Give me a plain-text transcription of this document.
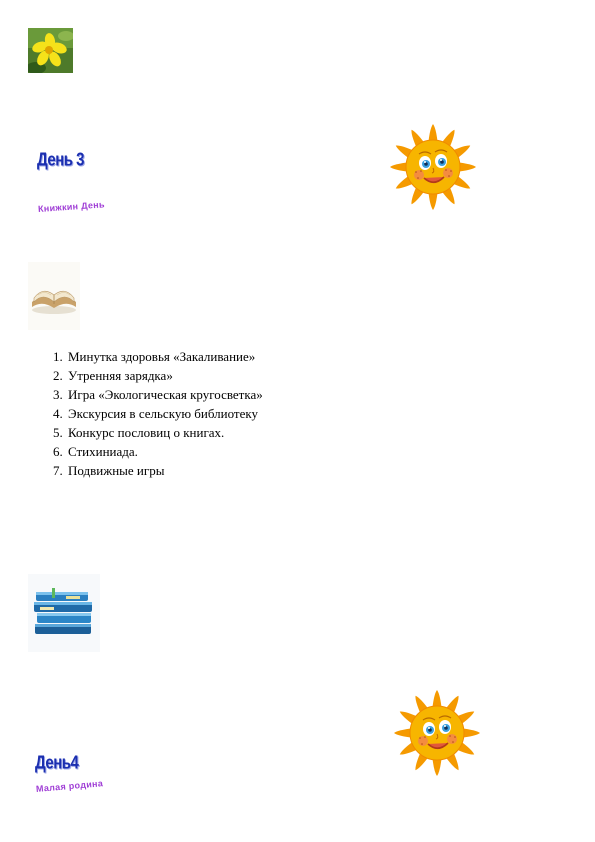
День 3
Книжкин День
1. Минутка здоровья «Закаливание»
2. Утренняя зарядка»
3. Игра «Экологическая кругосветка»
4. Экскурсия в сельскую библиотеку
5. Конкурс пословиц о книгах.
6. Стихиниада.
7. Подвижные игры
День4
Малая родина
